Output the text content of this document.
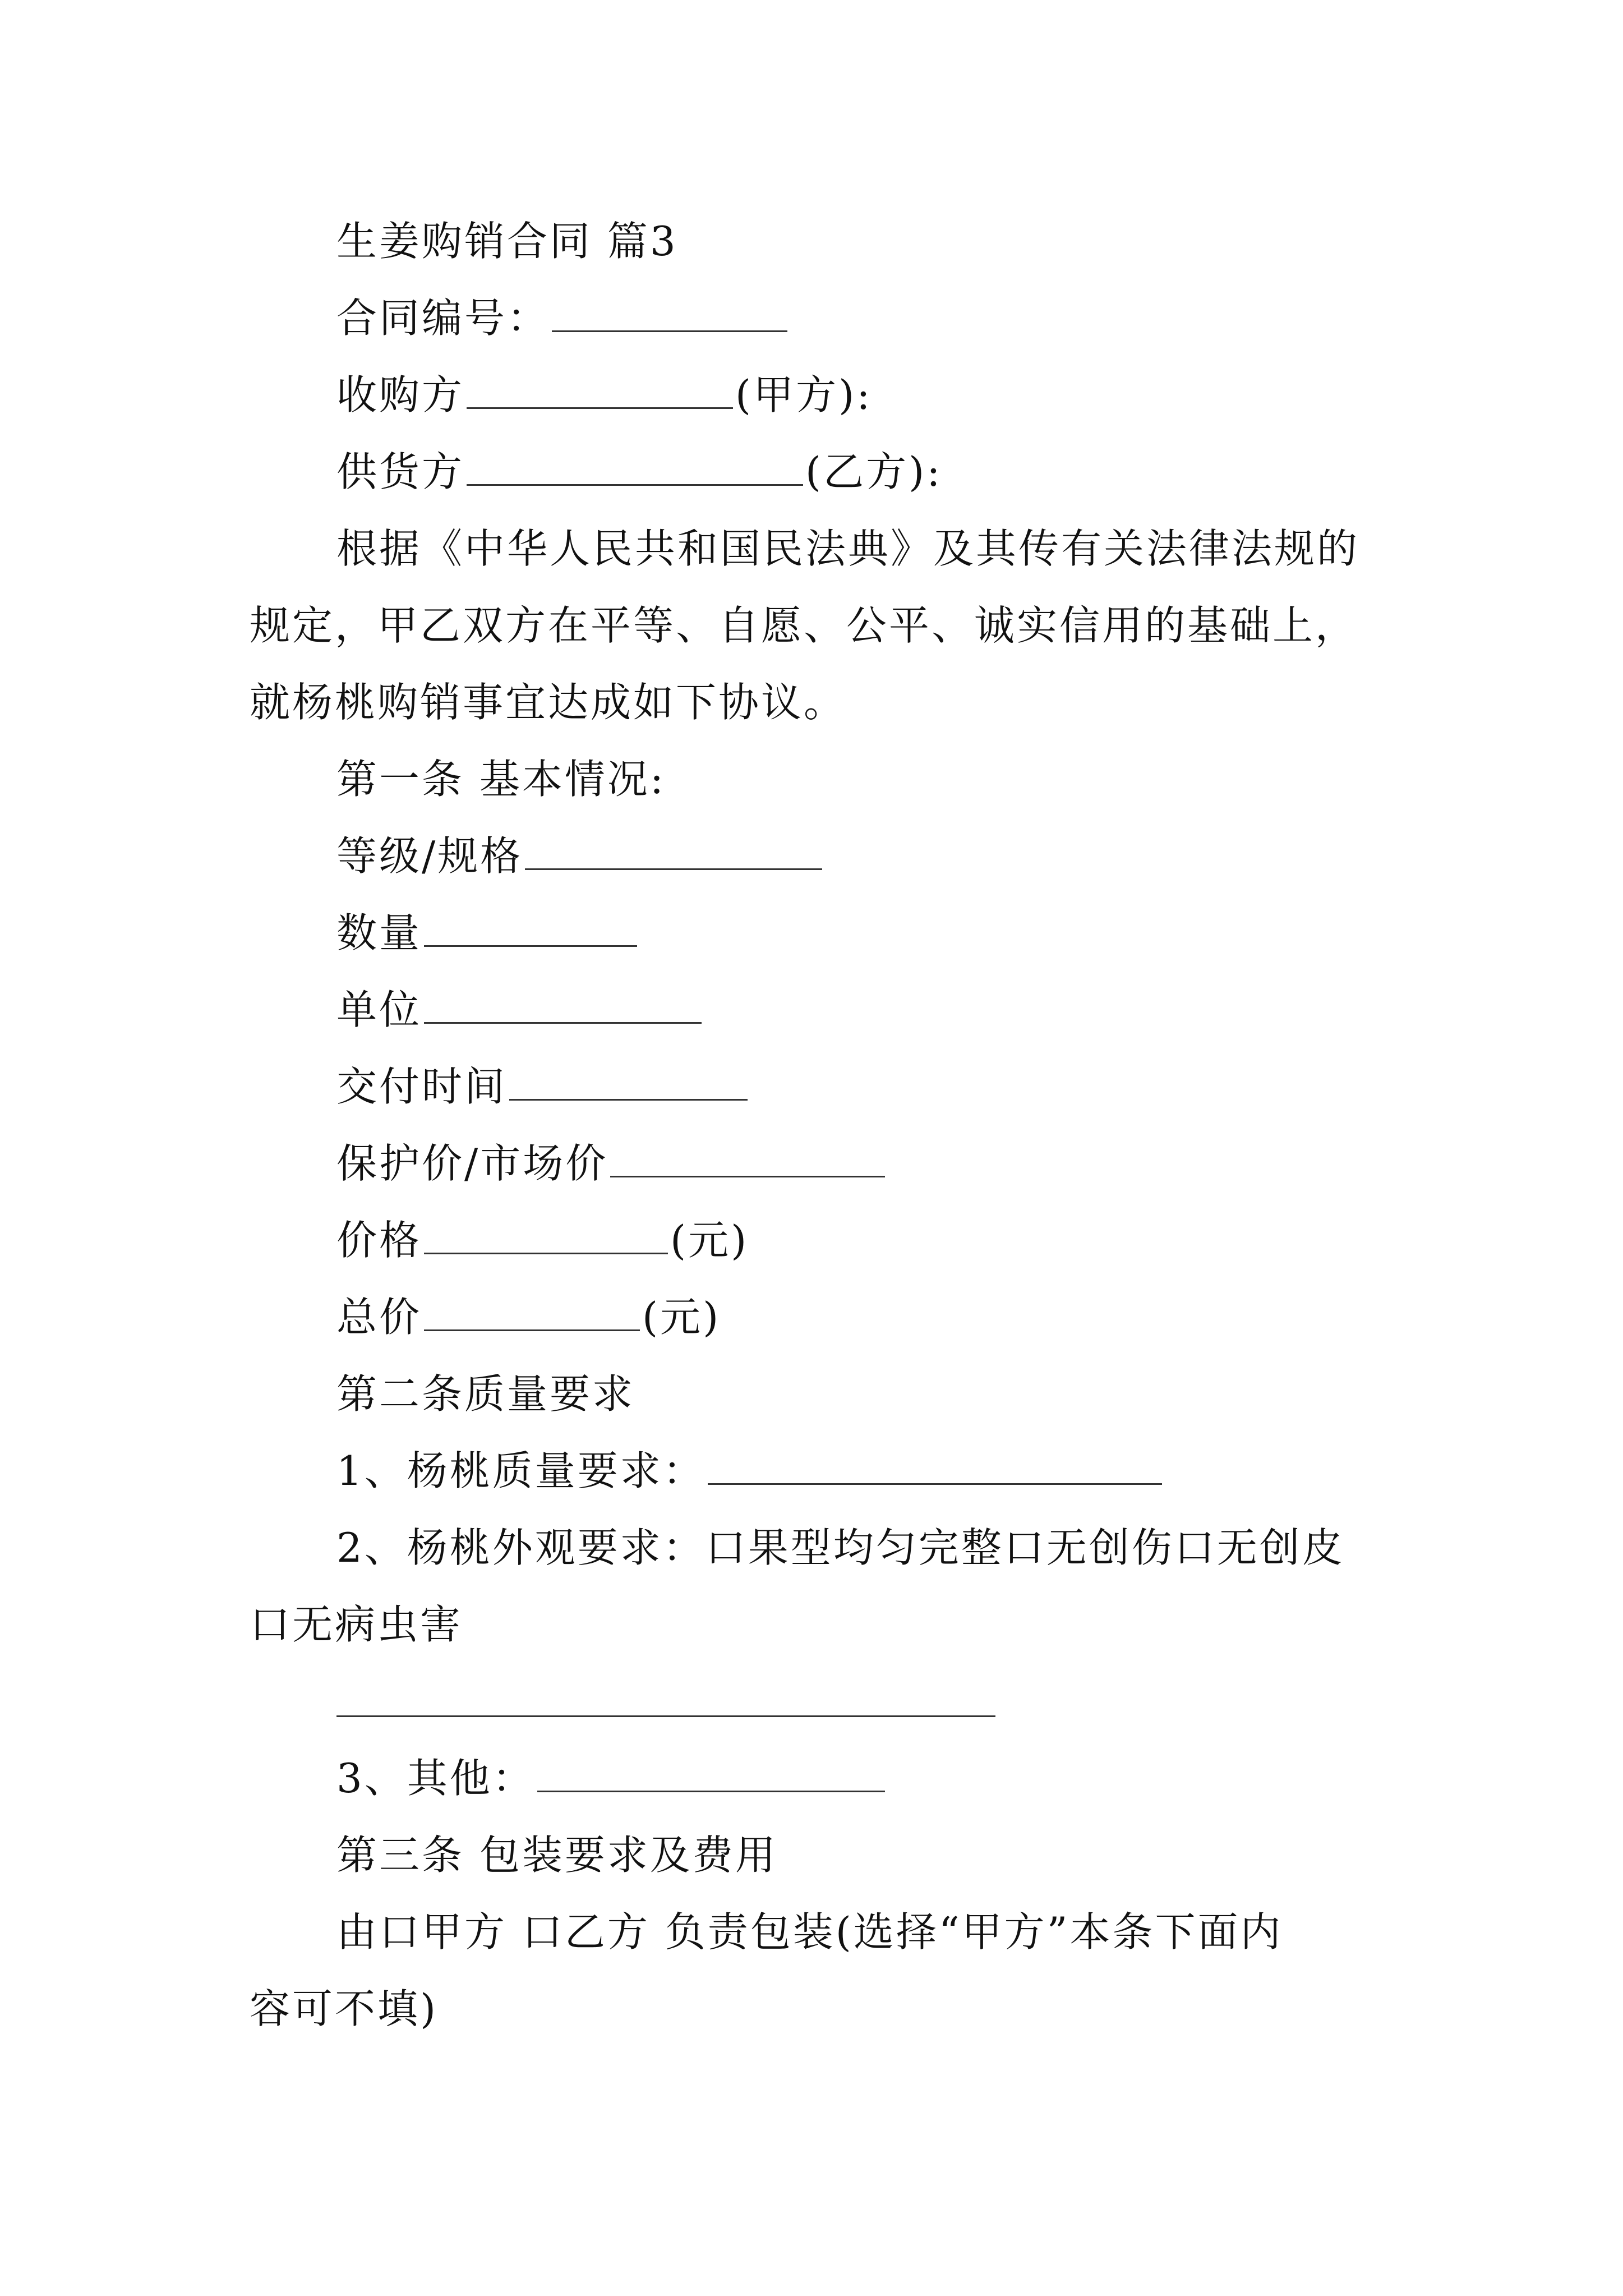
生姜购销合同 篇3
合同编号：
收购方	(甲方):
供货方	(乙方):
根据《中华人民共和国民法典》及其传有关法律法规的
规定，甲乙双方在平等、自愿、公平、诚实信用的基础上，
就杨桃购销事宜达成如下协议。
第一条 基本情况:
等级/规格
数量
单位
交付时间
保护价/市场价
价格	(元)
总价	(元)
第二条质量要求
1、杨桃质量要求：
2、杨桃外观要求：口果型均匀完整口无创伤口无创皮
口无病虫害
3、其他：
第三条 包装要求及费用
由口甲方 口乙方 负责包装(选择“甲方”本条下面内
容可不填)
